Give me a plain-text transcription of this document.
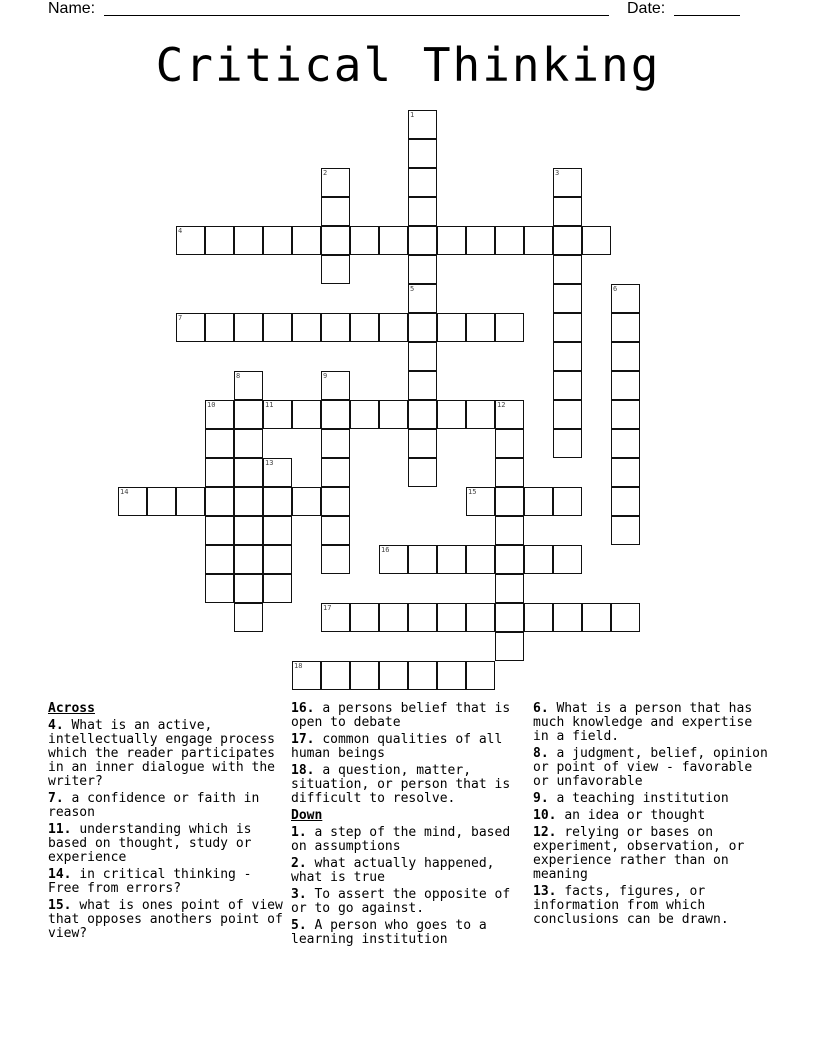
Name:	Date:
Critical Thinking
1
5
2	3
4
6
7
8	9
10	11	12
13
14	15
16
17
18
Across
4. What is an active, intellectually engage process which the reader participates in an inner dialogue with the writer?
7. a confidence or faith in reason
11. understanding which is based on thought, study or experience
14. in critical thinking - Free from errors?
15. what is ones point of view that opposes anothers point of view?
16. a persons belief that is open to debate
17. common qualities of all human beings
18. a question, matter, situation, or person that is difficult to resolve.
Down
1. a step of the mind, based on assumptions
2. what actually happened, what is true
3. To assert the opposite of or to go against.
5. A person who goes to a learning institution
6. What is a person that has much knowledge and expertise in a field.
8. a judgment, belief, opinion or point of view - favorable or unfavorable
9. a teaching institution
10. an idea or thought
12. relying or bases on experiment, observation, or experience rather than on meaning
13. facts, figures, or information from which conclusions can be drawn.
